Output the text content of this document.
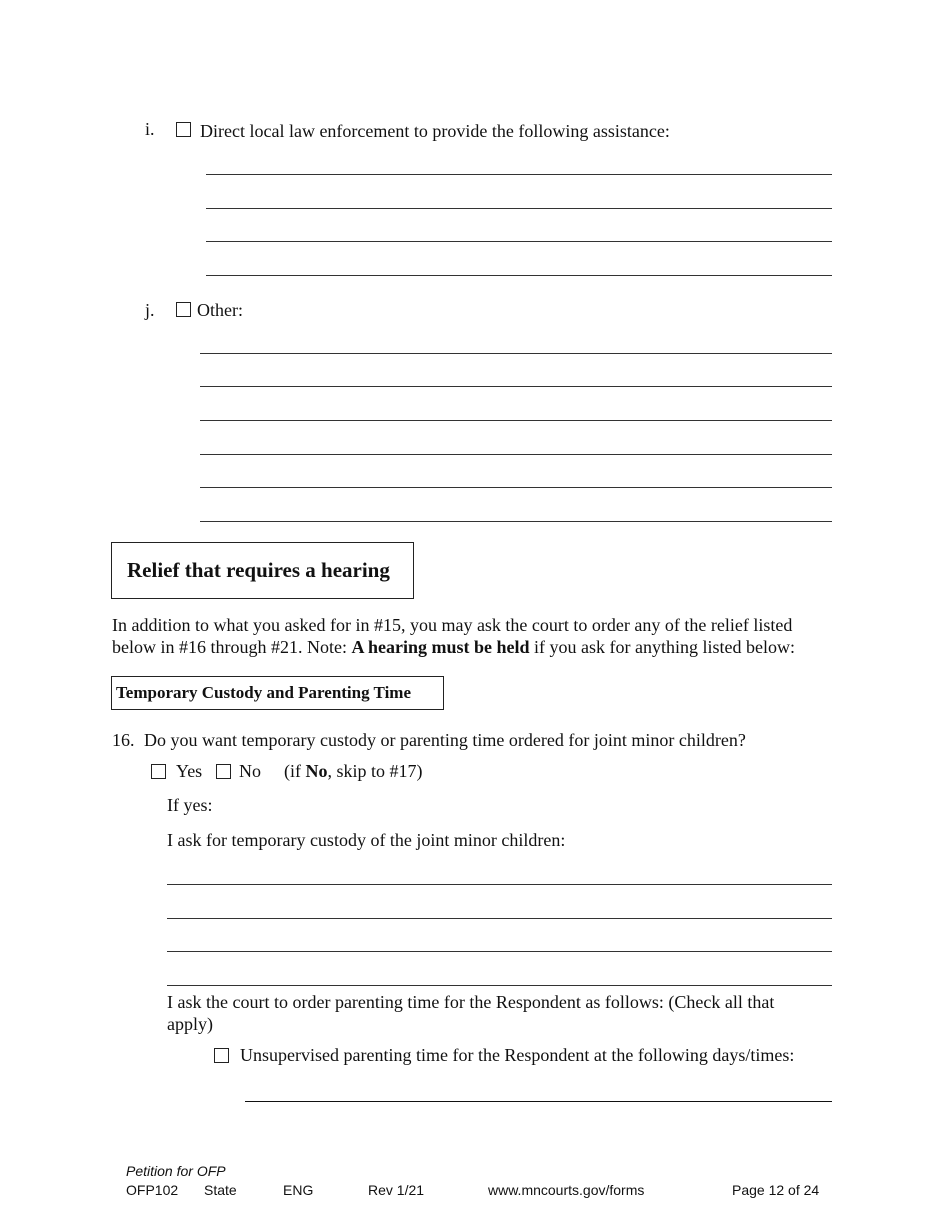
i.	Direct local law enforcement to provide the following assistance:
j. Other:
Relief that requires a hearing
In addition to what you asked for in #15, you may ask the court to order any of the relief listed
below in #16 through #21. Note: A hearing must be held if you ask for anything listed below:
Temporary Custody and Parenting Time
16. Do you want temporary custody or parenting time ordered for joint minor children?
Yes No (if No, skip to #17)
If yes:
I ask for temporary custody of the joint minor children:
I ask the court to order parenting time for the Respondent as follows: (Check all that
apply)
Unsupervised parenting time for the Respondent at the following days/times:
Petition for OFP
OFP102 State	ENG	Rev 1/21	www.mncourts.gov/forms	Page 12 of 24
